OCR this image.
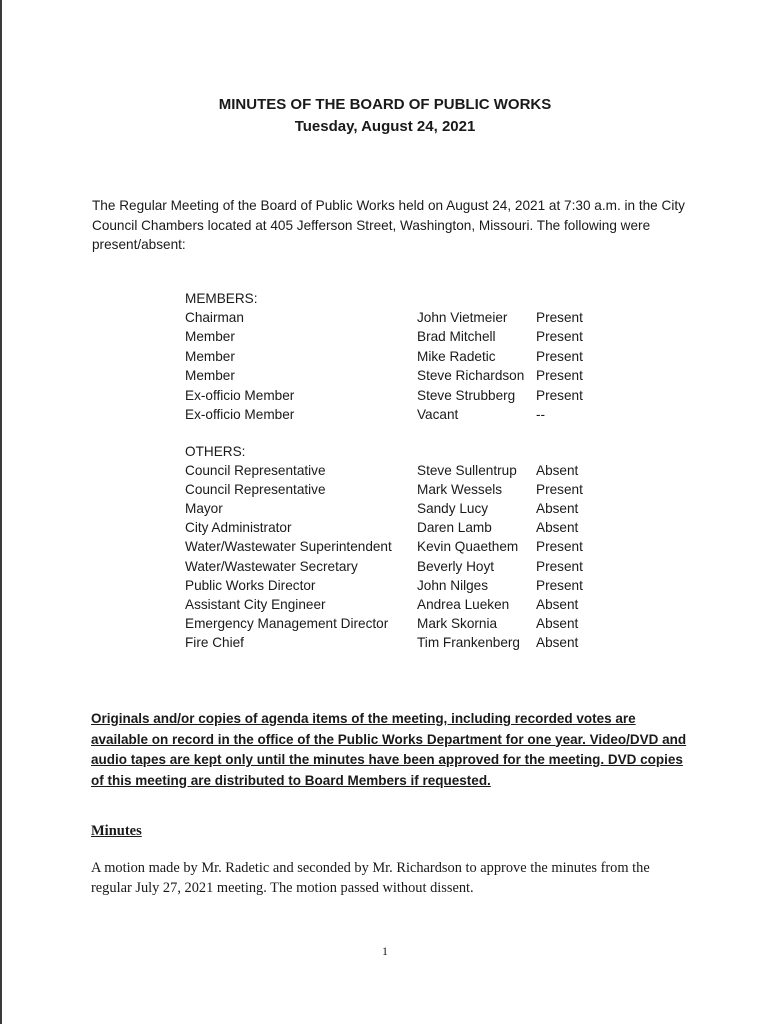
MINUTES OF THE BOARD OF PUBLIC WORKS
Tuesday, August 24, 2021
The Regular Meeting of the Board of Public Works held on August 24, 2021 at 7:30 a.m. in the City Council Chambers located at 405 Jefferson Street, Washington, Missouri. The following were present/absent:
MEMBERS:
Chairman	John Vietmeier Present
Member	Brad Mitchell	Present
Member	Mike Radetic	Present
Member	Steve Richardson Present
Ex-officio Member	Steve Strubberg Present
Ex-officio Member	Vacant	--
OTHERS:
Council Representative	Steve Sullentrup Absent
Council Representative	Mark Wessels Present
Mayor	Sandy Lucy	Absent
City Administrator	Daren Lamb	Absent
Water/Wastewater Superintendent Kevin Quaethem Present
Water/Wastewater Secretary	Beverly Hoyt	Present
Public Works Director	John Nilges	Present
Assistant City Engineer	Andrea Lueken Absent
Emergency Management Director Mark Skornia	Absent
Fire Chief	Tim Frankenberg Absent
Originals and/or copies of agenda items of the meeting, including recorded votes are available on record in the office of the Public Works Department for one year. Video/DVD and audio tapes are kept only until the minutes have been approved for the meeting. DVD copies of this meeting are distributed to Board Members if requested.
Minutes
A motion made by Mr. Radetic and seconded by Mr. Richardson to approve the minutes from the regular July 27, 2021 meeting. The motion passed without dissent.
1
